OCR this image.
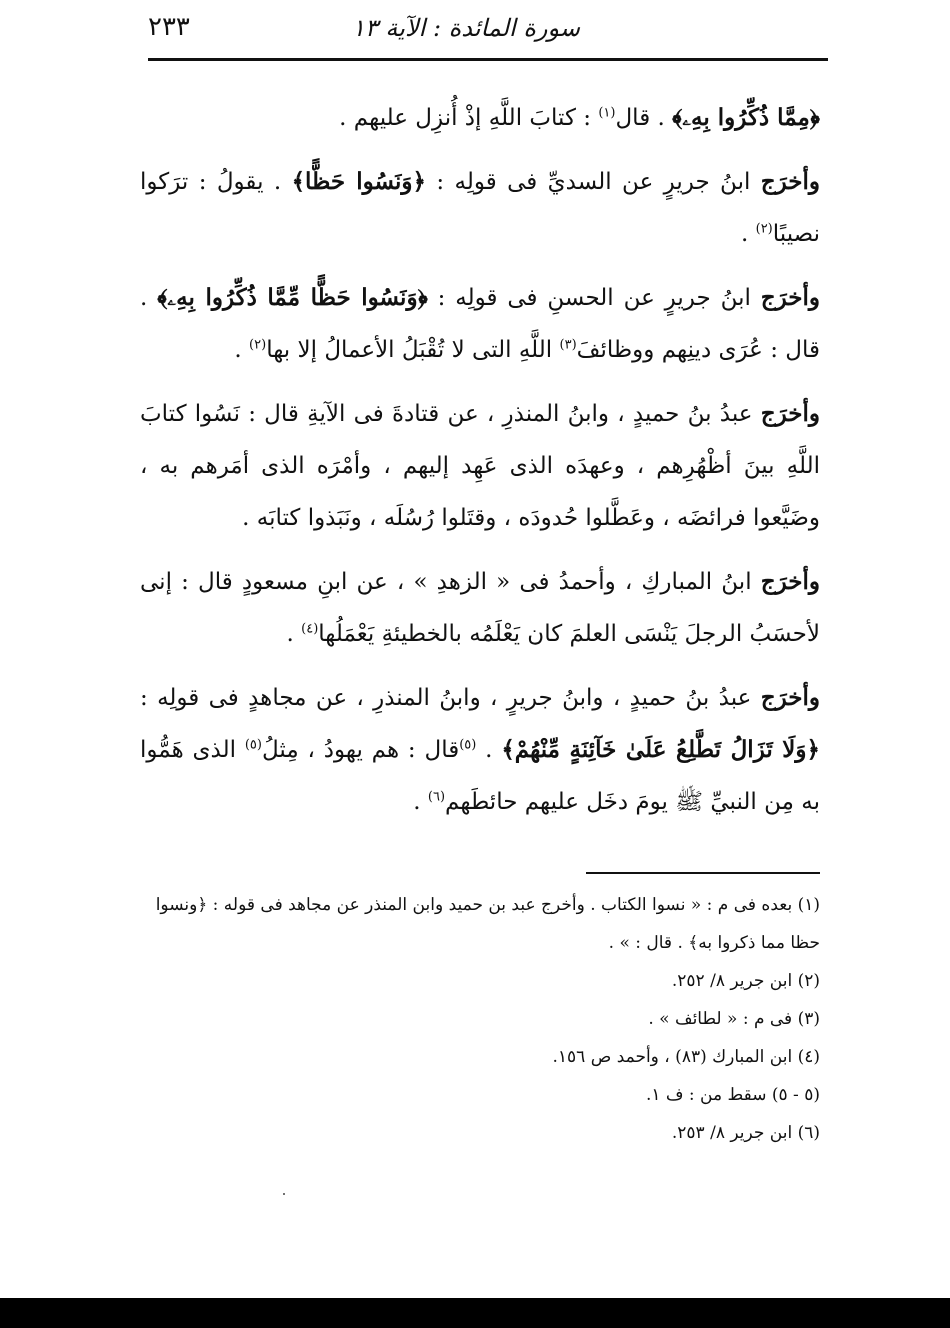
سورة المائدة : الآية ١٣
٢٣٣

﴿مِمَّا ذُكِّرُوا بِهِۦ﴾ . قال$^{(١)}$ : كتابَ اللَّهِ إذْ أُنزِل عليهم .

وأخرَج ابنُ جريرٍ عن السديِّ فى قولِه : ﴿وَنَسُوا حَظًّا﴾ . يقولُ : ترَكوا نصيبًا$^{(٢)}$ .

وأخرَج ابنُ جريرٍ عن الحسنِ فى قولِه : ﴿وَنَسُوا حَظًّا مِّمَّا ذُكِّرُوا بِهِۦ﴾ . قال : عُرَى دينِهم ووظائفَ$^{(٣)}$ اللَّهِ التى لا تُقْبَلُ الأعمالُ إلا بها$^{(٢)}$ .

وأخرَج عبدُ بنُ حميدٍ ، وابنُ المنذرِ ، عن قتادةَ فى الآيةِ قال : نَسُوا كتابَ اللَّهِ بينَ أظْهُرِهم ، وعهدَه الذى عَهِد إليهم ، وأمْرَه الذى أمَرهم به ، وضَيَّعوا فرائضَه ، وعَطَّلوا حُدودَه ، وقتَلوا رُسُلَه ، ونَبَذوا كتابَه .

وأخرَج ابنُ المباركِ ، وأحمدُ فى « الزهدِ » ، عن ابنِ مسعودٍ قال : إنى لأحسَبُ الرجلَ يَنْسَى العلمَ كان يَعْلَمُه بالخطيئةِ يَعْمَلُها$^{(٤)}$ .

وأخرَج عبدُ بنُ حميدٍ ، وابنُ جريرٍ ، وابنُ المنذرِ ، عن مجاهدٍ فى قولِه : ﴿وَلَا تَزَالُ تَطَّلِعُ عَلَىٰ خَآئِنَةٍ مِّنْهُمْ﴾ . $^{(٥)}$قال : هم يهودُ ، مِثلُ$^{(٥)}$ الذى هَمُّوا به مِن النبيِّ ﷺ يومَ دخَل عليهم حائطَهم$^{(٦)}$ .

(١) بعده فى م : « نسوا الكتاب . وأخرج عبد بن حميد وابن المنذر عن مجاهد فى قوله : ﴿ونسوا حظا مما ذكروا به﴾ . قال : » .

(٢) ابن جرير ٨/ ٢٥٢.

(٣) فى م : « لطائف » .

(٤) ابن المبارك (٨٣) ، وأحمد ص ١٥٦.

(٥ - ٥) سقط من : ف ١.

(٦) ابن جرير ٨/ ٢٥٣.
